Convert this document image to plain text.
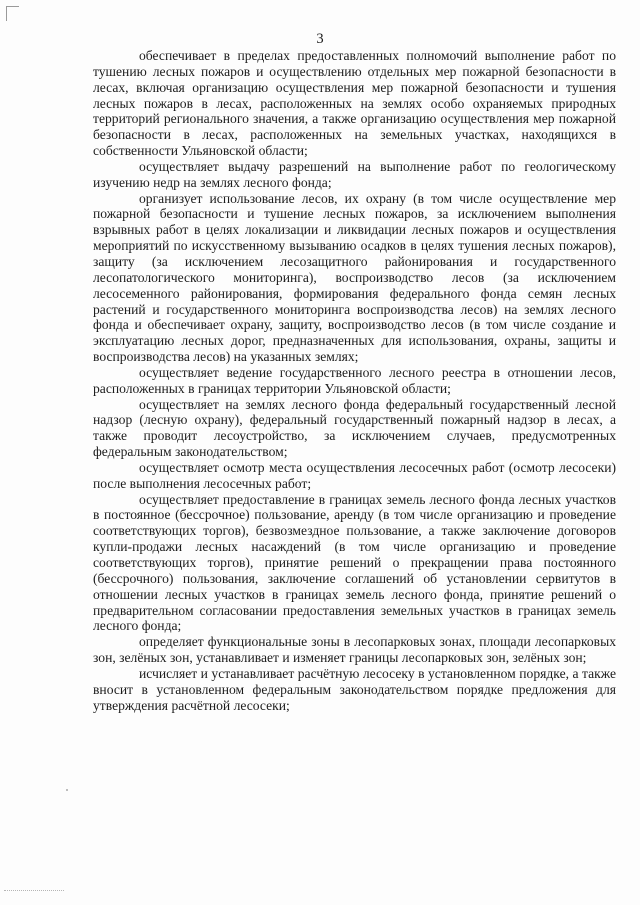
3

обеспечивает в пределах предоставленных полномочий выполнение работ по тушению лесных пожаров и осуществлению отдельных мер пожарной безопасности в лесах, включая организацию осуществления мер пожарной безопасности и тушения лесных пожаров в лесах, расположенных на землях особо охраняемых природных территорий регионального значения, а также организацию осуществления мер пожарной безопасности в лесах, расположенных на земельных участках, находящихся в собственности Ульяновской области;

осуществляет выдачу разрешений на выполнение работ по геологическому изучению недр на землях лесного фонда;

организует использование лесов, их охрану (в том числе осуществление мер пожарной безопасности и тушение лесных пожаров, за исключением выполнения взрывных работ в целях локализации и ликвидации лесных пожаров и осуществления мероприятий по искусственному вызыванию осадков в целях тушения лесных пожаров), защиту (за исключением лесозащитного районирования и государственного лесопатологического мониторинга), воспроизводство лесов (за исключением лесосеменного районирования, формирования федерального фонда семян лесных растений и государственного мониторинга воспроизводства лесов) на землях лесного фонда и обеспечивает охрану, защиту, воспроизводство лесов (в том числе создание и эксплуатацию лесных дорог, предназначенных для использования, охраны, защиты и воспроизводства лесов) на указанных землях;

осуществляет ведение государственного лесного реестра в отношении лесов, расположенных в границах территории Ульяновской области;

осуществляет на землях лесного фонда федеральный государственный лесной надзор (лесную охрану), федеральный государственный пожарный надзор в лесах, а также проводит лесоустройство, за исключением случаев, предусмотренных федеральным законодательством;

осуществляет осмотр места осуществления лесосечных работ (осмотр лесосеки) после выполнения лесосечных работ;

осуществляет предоставление в границах земель лесного фонда лесных участков в постоянное (бессрочное) пользование, аренду (в том числе организацию и проведение соответствующих торгов), безвозмездное пользование, а также заключение договоров купли-продажи лесных насаждений (в том числе организацию и проведение соответствующих торгов), принятие решений о прекращении права постоянного (бессрочного) пользования, заключение соглашений об установлении сервитутов в отношении лесных участков в границах земель лесного фонда, принятие решений о предварительном согласовании предоставления земельных участков в границах земель лесного фонда;

определяет функциональные зоны в лесопарковых зонах, площади лесопарковых зон, зелёных зон, устанавливает и изменяет границы лесопарковых зон, зелёных зон;

исчисляет и устанавливает расчётную лесосеку в установленном порядке, а также вносит в установленном федеральным законодательством порядке предложения для утверждения расчётной лесосеки;
